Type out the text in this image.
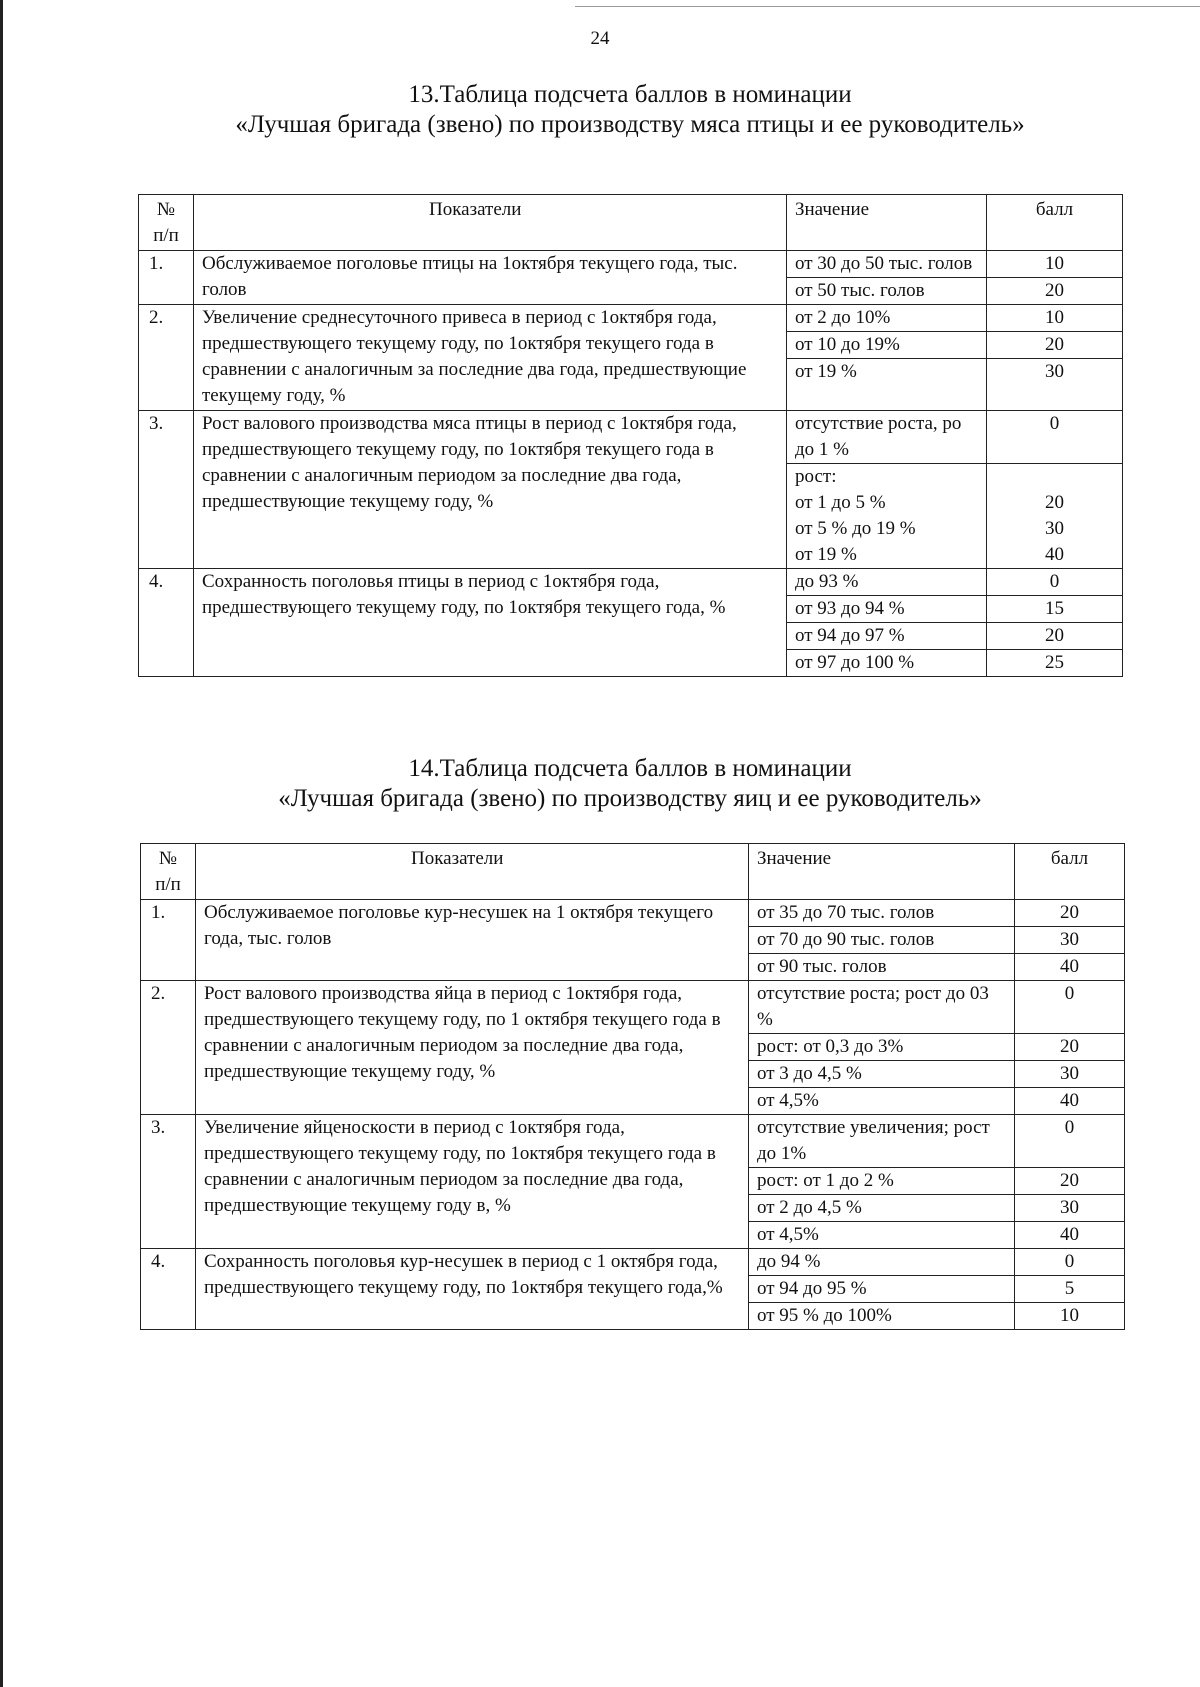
24
13.Таблица подсчета баллов в номинации
«Лучшая бригада (звено) по производству мяса птицы и ее руководитель»
№ п/п	Показатели	Значение	балл
1.	Обслуживаемое поголовье птицы на 1октября текущего года, тыс. голов	от 30 до 50 тыс. голов	10
		от 50 тыс. голов	20
2.	Увеличение среднесуточного привеса в период с 1октября года, предшествующего текущему году, по 1октября текущего года в сравнении с аналогичным за последние два года, предшествующие текущему году, %	от 2 до 10%	10
		от 10 до 19%	20
		от 19 %	30
3.	Рост валового производства мяса птицы в период с 1октября года, предшествующего текущему году, по 1октября текущего года в сравнении с аналогичным периодом за последние два года, предшествующие текущему году, %	отсутствие роста, ро до 1 %	0
		рост:	
		от 1 до 5 %	20
		от 5 % до 19 %	30
		от 19 %	40
4.	Сохранность поголовья птицы в период с 1октября года, предшествующего текущему году, по 1октября текущего года, %	до 93 %	0
		от 93 до 94 %	15
		от 94 до 97 %	20
		от 97 до 100 %	25
14.Таблица подсчета баллов в номинации
«Лучшая бригада (звено) по производству яиц и ее руководитель»
№ п/п	Показатели	Значение	балл
1.	Обслуживаемое поголовье кур-несушек на 1 октября текущего года, тыс. голов	от 35 до 70 тыс. голов	20
		от 70 до 90 тыс. голов	30
		от 90 тыс. голов	40
2.	Рост валового производства яйца в период с 1октября года, предшествующего текущему году, по 1 октября текущего года в сравнении с аналогичным периодом за последние два года, предшествующие текущему году, %	отсутствие роста; рост до 03 %	0
		рост: от 0,3 до 3%	20
		от 3 до 4,5 %	30
		от 4,5%	40
3.	Увеличение яйценоскости в период с 1октября года, предшествующего текущему году, по 1октября текущего года в сравнении с аналогичным периодом за последние два года, предшествующие текущему году в, %	отсутствие увеличения; рост до 1%	0
		рост: от 1 до 2 %	20
		от 2 до 4,5 %	30
		от 4,5%	40
4.	Сохранность поголовья кур-несушек в период с 1 октября года, предшествующего текущему году, по 1октября текущего года,%	до 94 %	0
		от 94 до 95 %	5
		от 95 % до 100%	10
